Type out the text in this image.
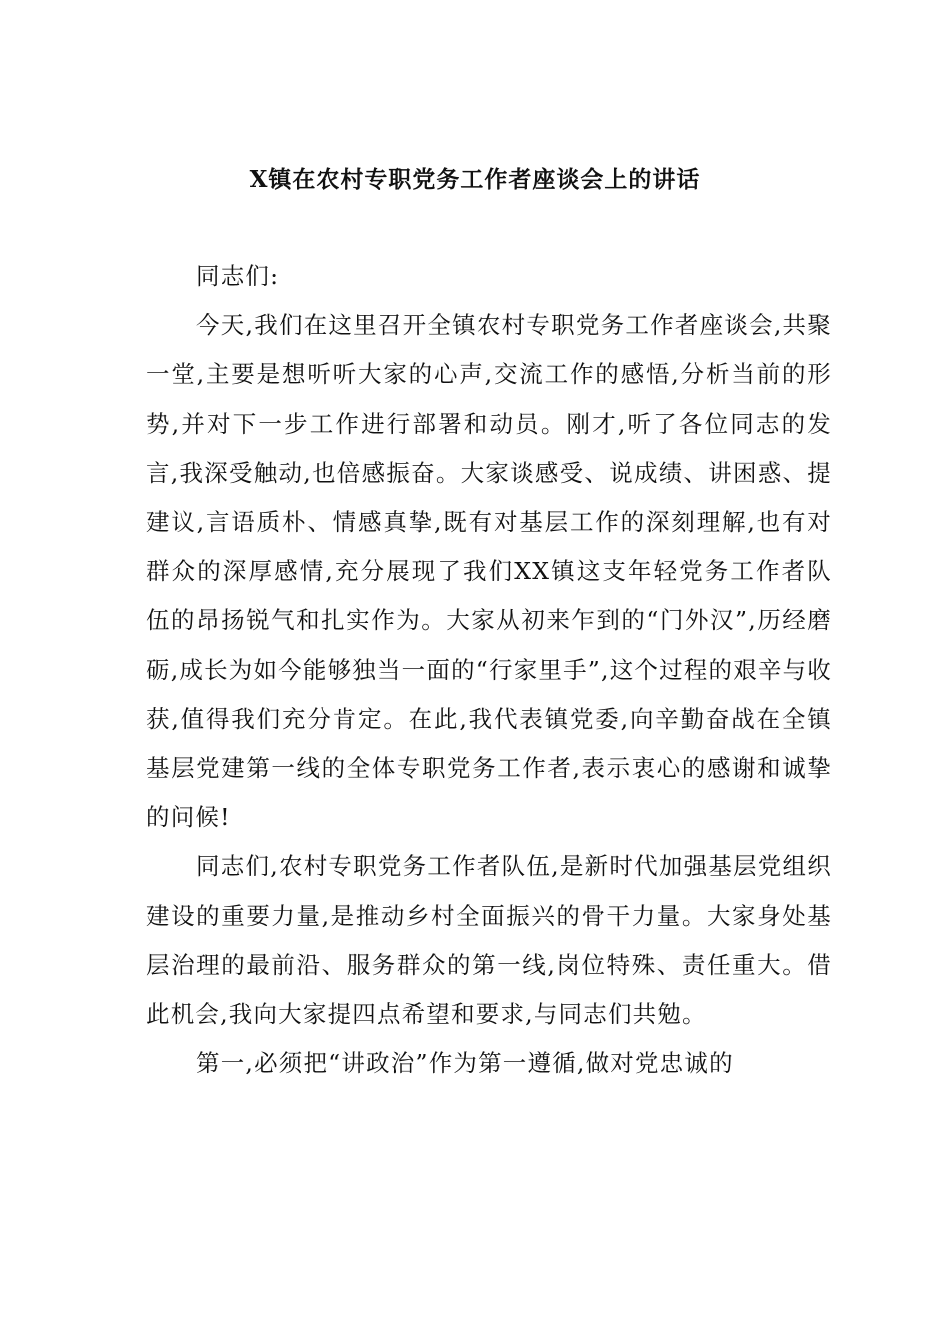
X镇在农村专职党务工作者座谈会上的讲话

同志们:

今天,我们在这里召开全镇农村专职党务工作者座谈会,共聚一堂,主要是想听听大家的心声,交流工作的感悟,分析当前的形势,并对下一步工作进行部署和动员。刚才,听了各位同志的发言,我深受触动,也倍感振奋。大家谈感受、说成绩、讲困惑、提建议,言语质朴、情感真挚,既有对基层工作的深刻理解,也有对群众的深厚感情,充分展现了我们XX镇这支年轻党务工作者队伍的昂扬锐气和扎实作为。大家从初来乍到的“门外汉”,历经磨砺,成长为如今能够独当一面的“行家里手”,这个过程的艰辛与收获,值得我们充分肯定。在此,我代表镇党委,向辛勤奋战在全镇基层党建第一线的全体专职党务工作者,表示衷心的感谢和诚挚的问候!

同志们,农村专职党务工作者队伍,是新时代加强基层党组织建设的重要力量,是推动乡村全面振兴的骨干力量。大家身处基层治理的最前沿、服务群众的第一线,岗位特殊、责任重大。借此机会,我向大家提四点希望和要求,与同志们共勉。

第一,必须把“讲政治”作为第一遵循,做对党忠诚的
